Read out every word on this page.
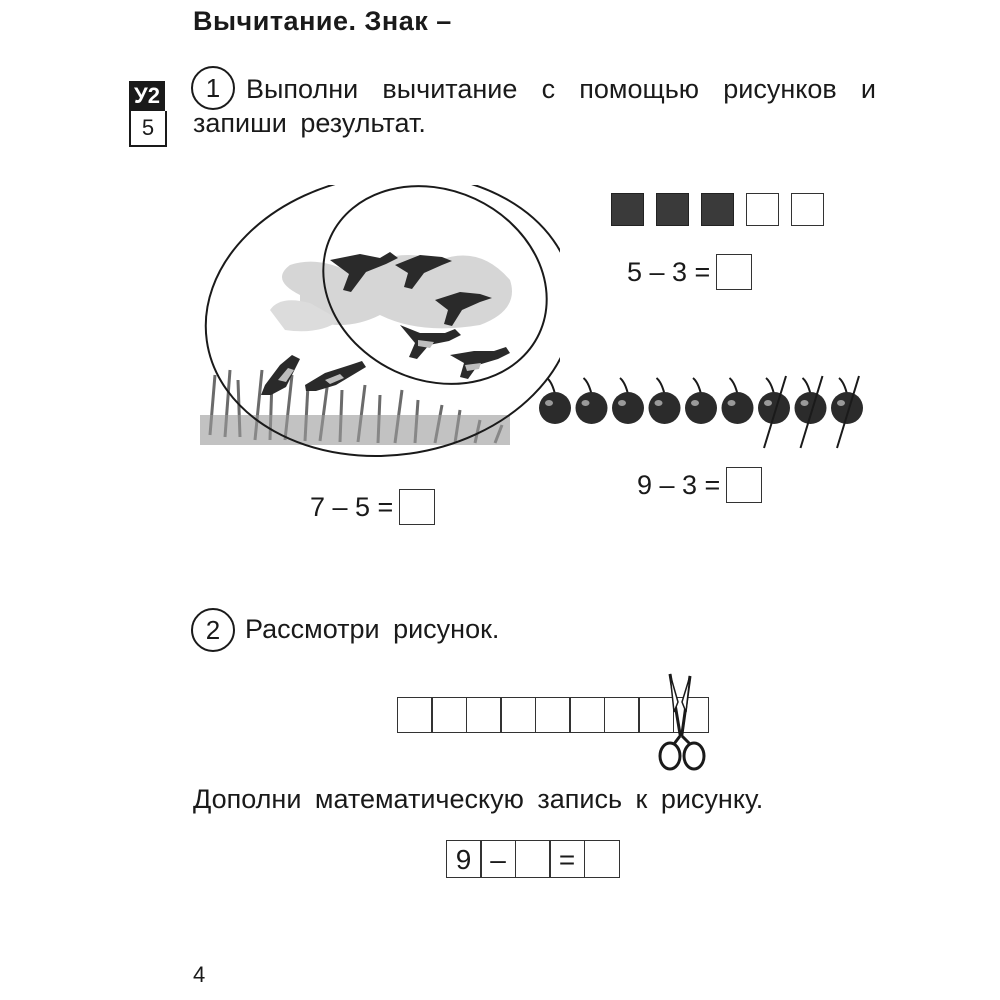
Вычитание. Знак –
У2
5
1 Выполни вычитание с помощью рисунков и
запиши результат.
5 – 3 =
9 – 3 =
7 – 5 =
2 Рассмотри рисунок.
Дополни математическую запись к рисунку.
9 –	=
4
